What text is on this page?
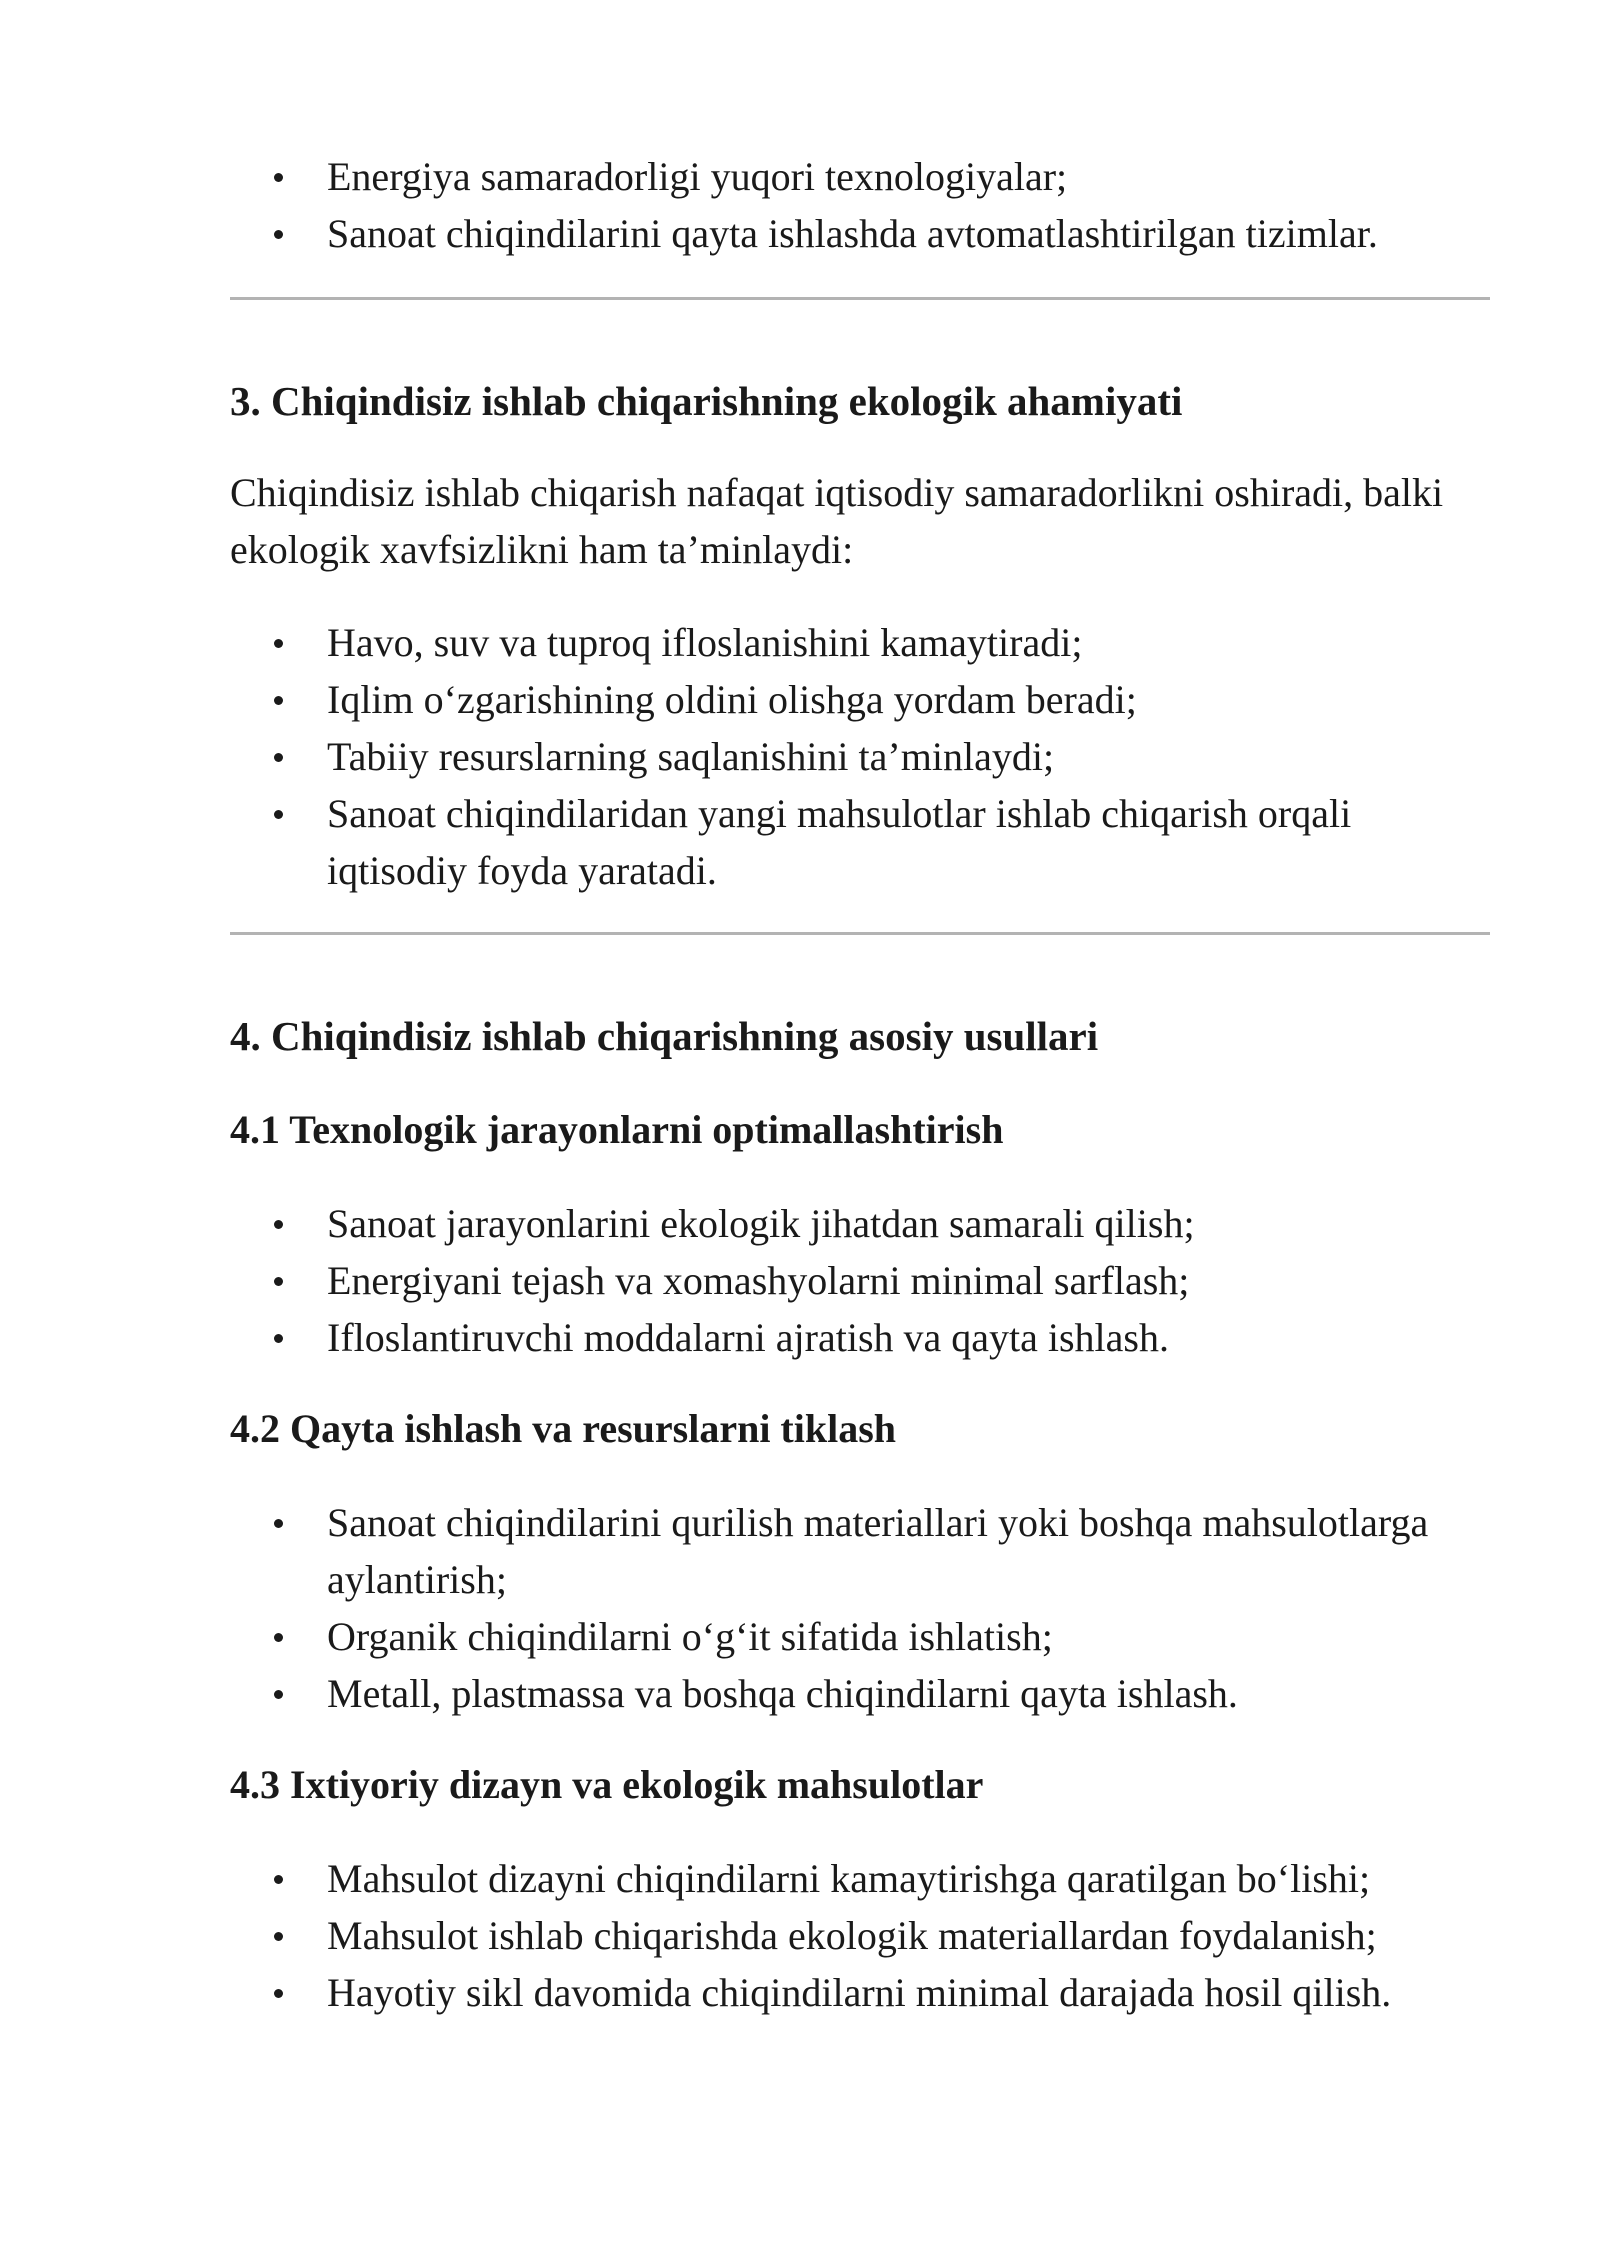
Energiya samaradorligi yuqori texnologiyalar;
Sanoat chiqindilarini qayta ishlashda avtomatlashtirilgan tizimlar.
3. Chiqindisiz ishlab chiqarishning ekologik ahamiyati

Chiqindisiz ishlab chiqarish nafaqat iqtisodiy samaradorlikni oshiradi, balki ekologik xavfsizlikni ham ta’minlaydi:

Havo, suv va tuproq ifloslanishini kamaytiradi;
Iqlim o‘zgarishining oldini olishga yordam beradi;
Tabiiy resurslarning saqlanishini ta’minlaydi;
Sanoat chiqindilaridan yangi mahsulotlar ishlab chiqarish orqali iqtisodiy foyda yaratadi.
4. Chiqindisiz ishlab chiqarishning asosiy usullari
4.1 Texnologik jarayonlarni optimallashtirish
Sanoat jarayonlarini ekologik jihatdan samarali qilish;
Energiyani tejash va xomashyolarni minimal sarflash;
Ifloslantiruvchi moddalarni ajratish va qayta ishlash.
4.2 Qayta ishlash va resurslarni tiklash
Sanoat chiqindilarini qurilish materiallari yoki boshqa mahsulotlarga aylantirish;
Organik chiqindilarni o‘g‘it sifatida ishlatish;
Metall, plastmassa va boshqa chiqindilarni qayta ishlash.
4.3 Ixtiyoriy dizayn va ekologik mahsulotlar
Mahsulot dizayni chiqindilarni kamaytirishga qaratilgan bo‘lishi;
Mahsulot ishlab chiqarishda ekologik materiallardan foydalanish;
Hayotiy sikl davomida chiqindilarni minimal darajada hosil qilish.
